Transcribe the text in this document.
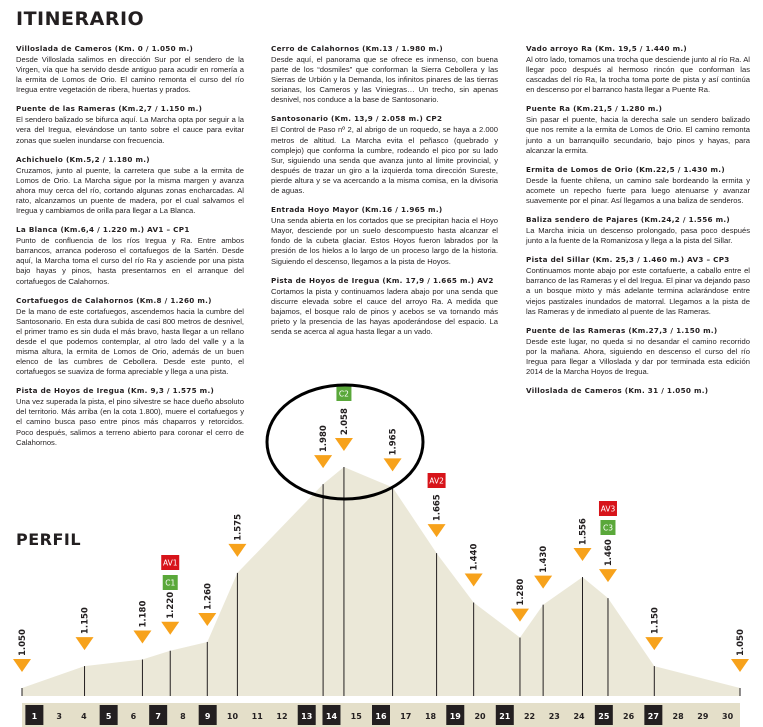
ITINERARIO
Villoslada de Cameros (Km. 0 / 1.050 m.)
Desde Villoslada salimos en dirección Sur por el sendero de la Virgen, vía que ha servido desde antiguo para acudir en romería a la ermita de Lomos de Orio. El camino remonta el curso del río Iregua entre vegetación de ribera, huertas y prados.
Puente de las Rameras (Km.2,7 / 1.150 m.)
El sendero balizado se bifurca aquí. La Marcha opta por seguir a la vera del Iregua, elevándose un tanto sobre el cauce para evitar zonas que suelen inundarse con frecuencia.
Achichuelo (Km.5,2 / 1.180 m.)
Cruzamos, junto al puente, la carretera que sube a la ermita de Lomos de Orio. La Marcha sigue por la misma margen y avanza ahora muy cerca del río, cortando algunas zonas encharcadas. Al rato, alcanzamos un puente de madera, por el cual salvamos el Iregua y cambiamos de orilla para llegar a La Blanca.
La Blanca (Km.6,4 / 1.220 m.) AV1 – CP1
Punto de confluencia de los ríos Iregua y Ra. Entre ambos barrancos, arranca poderoso el cortafuegos de la Sartén. Desde aquí, la Marcha toma el curso del río Ra y asciende por una pista bajo hayas y pinos, hasta presentarnos en el arranque del cortafuegos de Calahornos.
Cortafuegos de Calahornos (Km.8 / 1.260 m.)
De la mano de este cortafuegos, ascendemos hacia la cumbre del Santosonario. En esta dura subida de casi 800 metros de desnivel, el primer tramo es sin duda el más bravo, hasta llegar a un rellano desde el que podemos contemplar, al otro lado del valle y a la misma altura, la ermita de Lomos de Orio, además de un buen elenco de las cumbres de Cebollera. Desde este punto, el cortafuegos se suaviza de forma apreciable y llega a una pista.
Pista de Hoyos de Iregua (Km. 9,3 / 1.575 m.)
Una vez superada la pista, el pino silvestre se hace dueño absoluto del territorio. Más arriba (en la cota 1.800), muere el cortafuegos y el camino busca paso entre pinos más chaparros y retorcidos. Poco después, salimos a terreno abierto para coronar el cerro de Calahornos.
Cerro de Calahornos (Km.13 / 1.980 m.)
Desde aquí, el panorama que se ofrece es inmenso, con buena parte de los “dosmiles” que conforman la Sierra Cebollera y las Sierras de Urbión y la Demanda, los infinitos pinares de las tierras sorianas, los Cameros y las Viniegras… Un trecho, sin apenas desnivel, nos conduce a la base de Santosonario.
Santosonario (Km. 13,9 / 2.058 m.) CP2
El Control de Paso nº 2, al abrigo de un roquedo, se haya a 2.000 metros de altitud. La Marcha evita el peñasco (quebrado y complejo) que conforma la cumbre, rodeando el pico por su lado Sur, siguiendo una senda que avanza junto al límite provincial, y después de trazar un giro a la izquierda toma dirección Sureste, pierde altura y se va acercando a la misma comisa, en la divisoria de aguas.
Entrada Hoyo Mayor (Km.16 / 1.965 m.)
Una senda abierta en los cortados que se precipitan hacia el Hoyo Mayor, desciende por un suelo descompuesto hasta alcanzar el fondo de la cubeta glaciar. Estos Hoyos fueron labrados por la presión de los hielos a lo largo de un proceso largo de la historia. Siguiendo el descenso, llegamos a la pista de Hoyos.
Pista de Hoyos de Iregua (Km. 17,9 / 1.665 m.) AV2
Cortamos la pista y continuamos ladera abajo por una senda que discurre elevada sobre el cauce del arroyo Ra. A medida que bajamos, el bosque ralo de pinos y acebos se va tornando más prieto y la presencia de las hayas apoderándose del espacio. La senda se acerca al agua hasta llegar a un vado.
Vado arroyo Ra (Km. 19,5 / 1.440 m.)
Al otro lado, tomamos una trocha que desciende junto al río Ra. Al llegar poco después al hermoso rincón que conforman las cascadas del río Ra, la trocha toma porte de pista y así continúa en descenso por el barranco hasta llegar a Puente Ra.
Puente Ra (Km.21,5 / 1.280 m.)
Sin pasar el puente, hacia la derecha sale un sendero balizado que nos remite a la ermita de Lomos de Orio. El camino remonta junto a un barranquillo secundario, bajo pinos y hayas, para alcanzar la ermita.
Ermita de Lomos de Orio (Km.22,5 / 1.430 m.)
Desde la fuente chilena, un camino sale bordeando la ermita y acomete un repecho fuerte para luego atenuarse y avanzar suavemente por el pinar. Así llegamos a una baliza de senderos.
Baliza sendero de Pajares (Km.24,2 / 1.556 m.)
La Marcha inicia un descenso prolongado, pasa poco después junto a la fuente de la Romanizosa y llega a la pista del Sillar.
Pista del Sillar (Km. 25,3 / 1.460 m.) AV3 – CP3
Continuamos monte abajo por este cortafuerte, a caballo entre el barranco de las Rameras y el del Iregua. El pinar va dejando paso a un bosque mixto y más adelante termina aclarándose entre viejos pastizales inundados de matorral. Llegamos a la pista de las Rameras y de inmediato al puente de las Rameras.
Puente de las Rameras (Km.27,3 / 1.150 m.)
Desde este lugar, no queda si no desandar el camino recorrido por la mañana. Ahora, siguiendo en descenso el curso del río Iregua para llegar a Villoslada y dar por terminada esta edición 2014 de la Marcha Hoyos de Iregua.
Villoslada de Cameros (Km. 31 / 1.050 m.)
PERFIL
1.050
1.150	1.180 1.220	1.260
1.575
1.980
2.058
1.965
1.665
1.440
1.280
1.430
1.556
1.460
1.150
1.050
1 3 4 5 6 7 8 9 10 11 12 13 14 15 16 17 18 19 20 21 22 23 24 25 26 27 28 29 30
AV1
C1
C2
AV2
AV3
C3
